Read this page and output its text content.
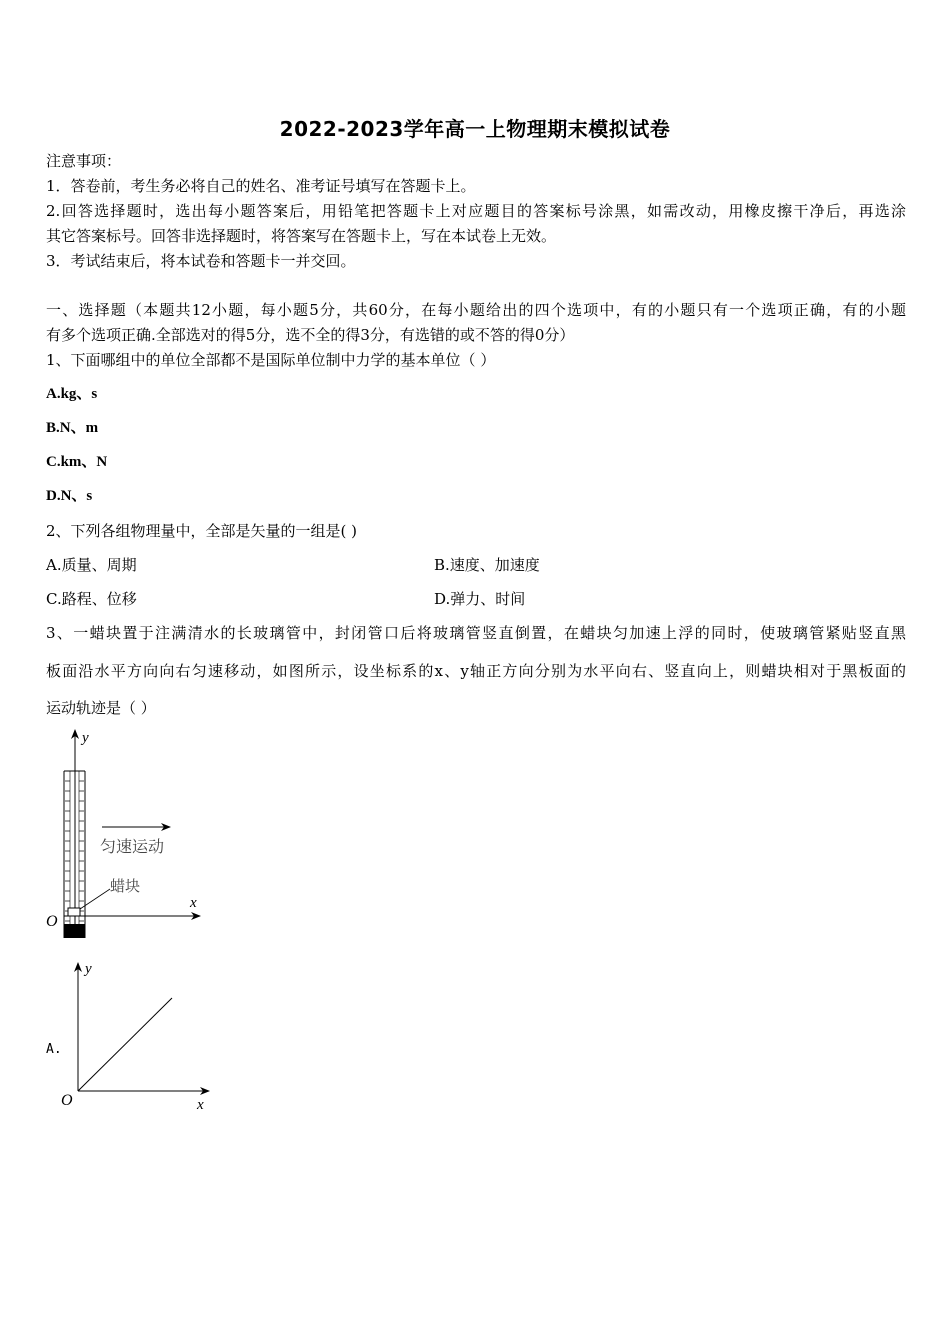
2022-2023学年高一上物理期末模拟试卷
注意事项：
1．答卷前，考生务必将自己的姓名、准考证号填写在答题卡上。
2.回答选择题时，选出每小题答案后，用铅笔把答题卡上对应题目的答案标号涂黑，如需改动，用橡皮擦干净后，再选涂
其它答案标号。回答非选择题时，将答案写在答题卡上，写在本试卷上无效。
3．考试结束后，将本试卷和答题卡一并交回。
一、选择题（本题共12小题，每小题5分，共60分，在每小题给出的四个选项中，有的小题只有一个选项正确，有的小题
有多个选项正确.全部选对的得5分，选不全的得3分，有选错的或不答的得0分）
1、下面哪组中的单位全部都不是国际单位制中力学的基本单位（ ）
A.kg、s
B.N、m
C.km、N
D.N、s
2、下列各组物理量中，全部是矢量的一组是( )
A.质量、周期	B.速度、加速度
C.路程、位移	D.弹力、时间
3、一蜡块置于注满清水的长玻璃管中，封闭管口后将玻璃管竖直倒置，在蜡块匀加速上浮的同时，使玻璃管紧贴竖直黑
板面沿水平方向向右匀速移动，如图所示，设坐标系的x、y轴正方向分别为水平向右、竖直向上，则蜡块相对于黑板面的
运动轨迹是（ ）
y
x
O
蜡块
匀速运动
A.
y
x
O
